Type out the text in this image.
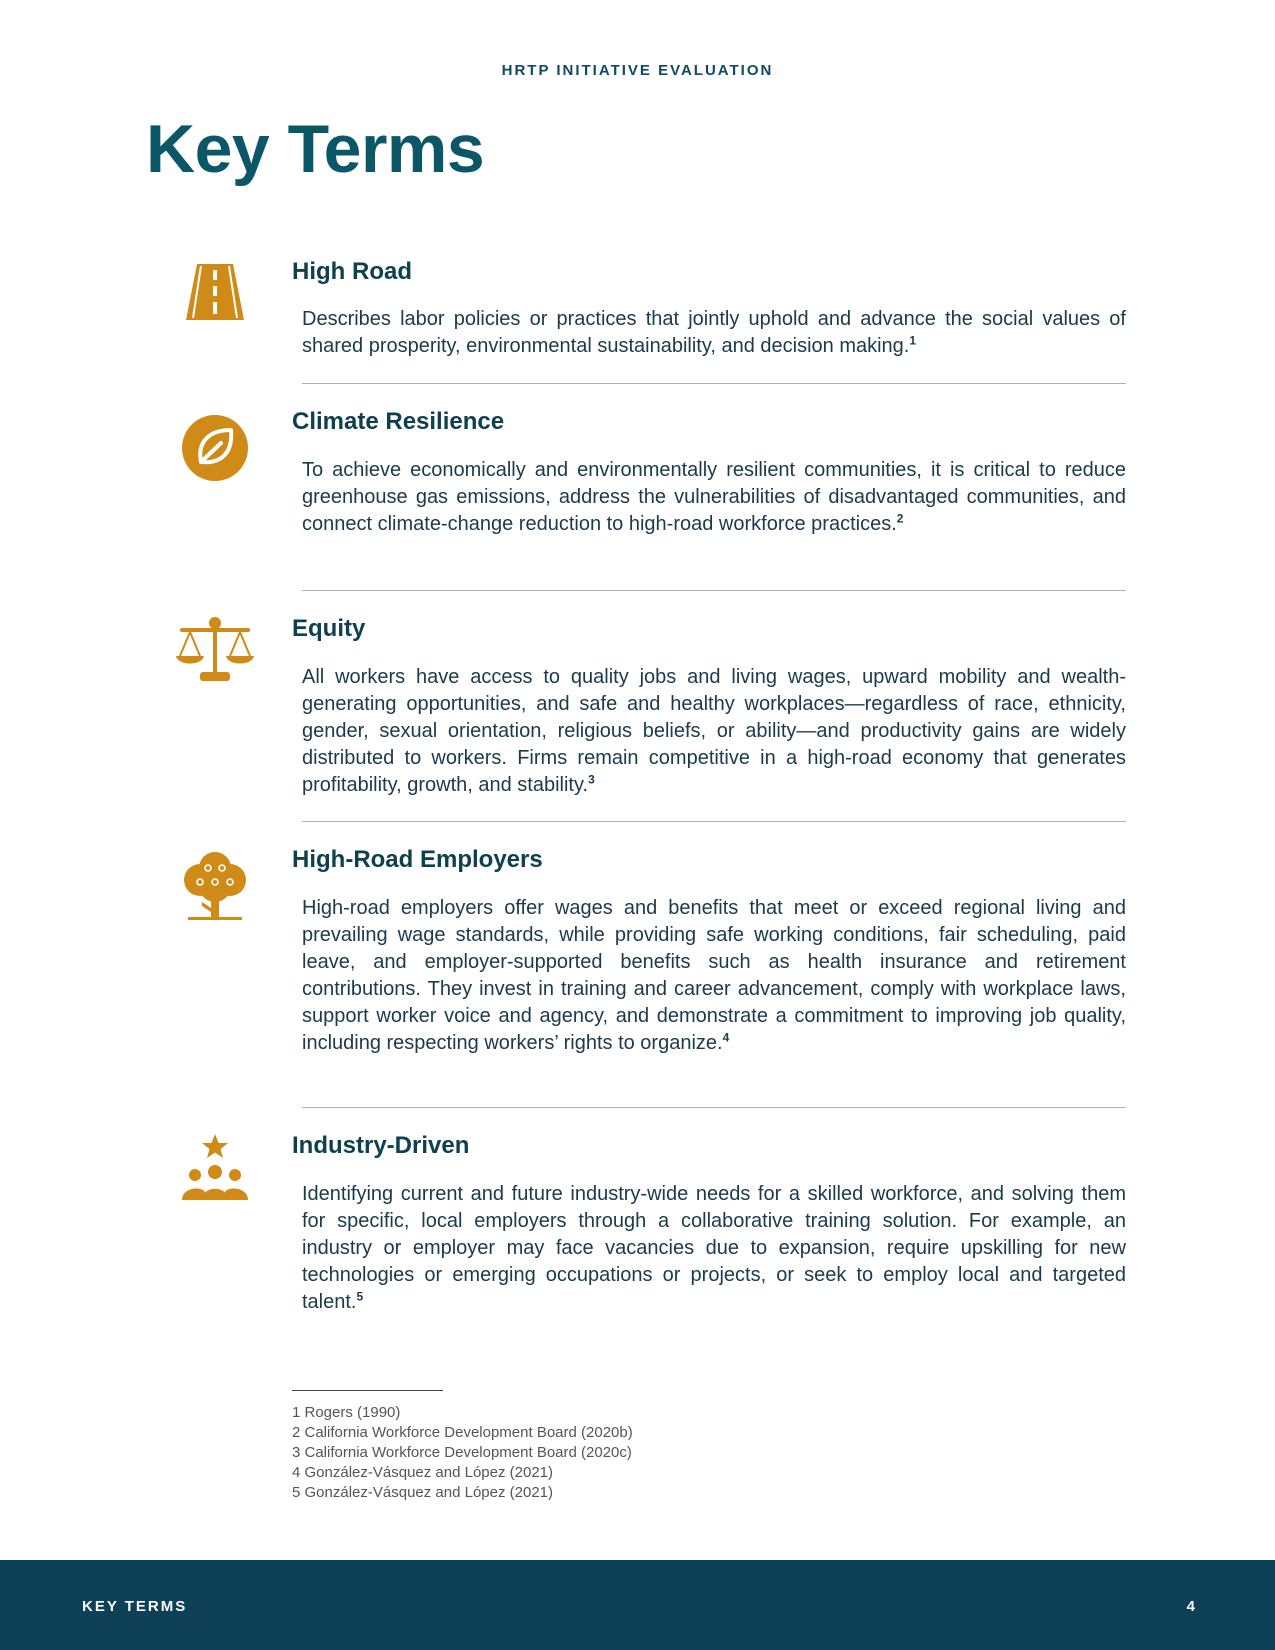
HRTP INITIATIVE EVALUATION
Key Terms
High Road

Describes labor policies or practices that jointly uphold and advance the social values of shared prosperity, environmental sustainability, and decision making.$^1$

Climate Resilience

To achieve economically and environmentally resilient communities, it is critical to reduce greenhouse gas emissions, address the vulnerabilities of disadvantaged communities, and connect climate-change reduction to high-road workforce practices.$^2$

Equity

All workers have access to quality jobs and living wages, upward mobility and wealth-generating opportunities, and safe and healthy workplaces—regardless of race, ethnicity, gender, sexual orientation, religious beliefs, or ability—and productivity gains are widely distributed to workers. Firms remain competitive in a high-road economy that generates profitability, growth, and stability.$^3$

High-Road Employers

High-road employers offer wages and benefits that meet or exceed regional living and prevailing wage standards, while providing safe working conditions, fair scheduling, paid leave, and employer-supported benefits such as health insurance and retirement contributions. They invest in training and career advancement, comply with workplace laws, support worker voice and agency, and demonstrate a commitment to improving job quality, including respecting workers’ rights to organize.$^4$

Industry-Driven

Identifying current and future industry-wide needs for a skilled workforce, and solving them for specific, local employers through a collaborative training solution. For example, an industry or employer may face vacancies due to expansion, require upskilling for new technologies or emerging occupations or projects, or seek to employ local and targeted talent.$^5$

1 Rogers (1990)
2 California Workforce Development Board (2020b)
3 California Workforce Development Board (2020c)
4 González-Vásquez and López (2021)
5 González-Vásquez and López (2021)
KEY TERMS	4
